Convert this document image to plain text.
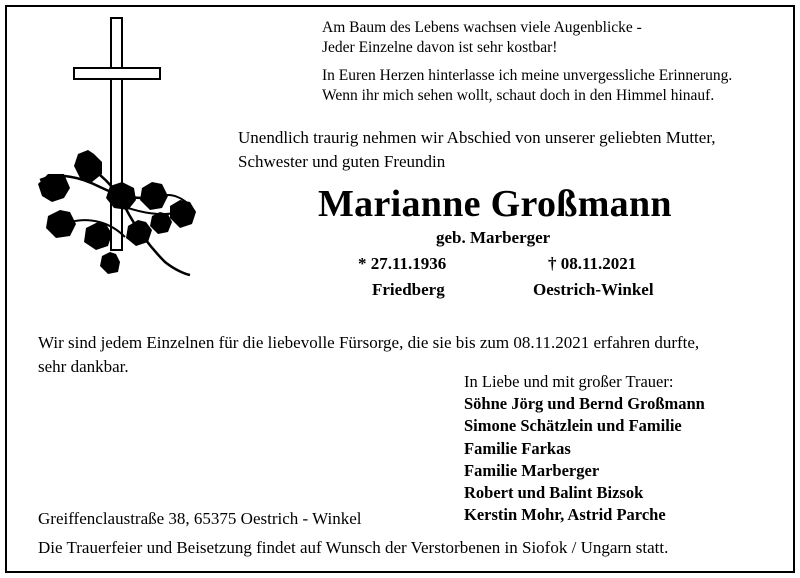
Am Baum des Lebens wachsen viele Augenblicke -
Jeder Einzelne davon ist sehr kostbar!
In Euren Herzen hinterlasse ich meine unvergessliche Erinnerung.
Wenn ihr mich sehen wollt, schaut doch in den Himmel hinauf.
Unendlich traurig nehmen wir Abschied von unserer geliebten Mutter,
Schwester und guten Freundin
Marianne Großmann
geb. Marberger
* 27.11.1936	† 08.11.2021
Friedberg	Oestrich-Winkel
Wir sind jedem Einzelnen für die liebevolle Fürsorge, die sie bis zum 08.11.2021 erfahren durfte,
sehr dankbar.
In Liebe und mit großer Trauer:
Söhne Jörg und Bernd Großmann
Simone Schätzlein und Familie
Familie Farkas
Familie Marberger
Robert und Balint Bizsok
Kerstin Mohr, Astrid Parche
Greiffenclaustraße 38, 65375 Oestrich - Winkel
Die Trauerfeier und Beisetzung findet auf Wunsch der Verstorbenen in Siofok / Ungarn statt.
